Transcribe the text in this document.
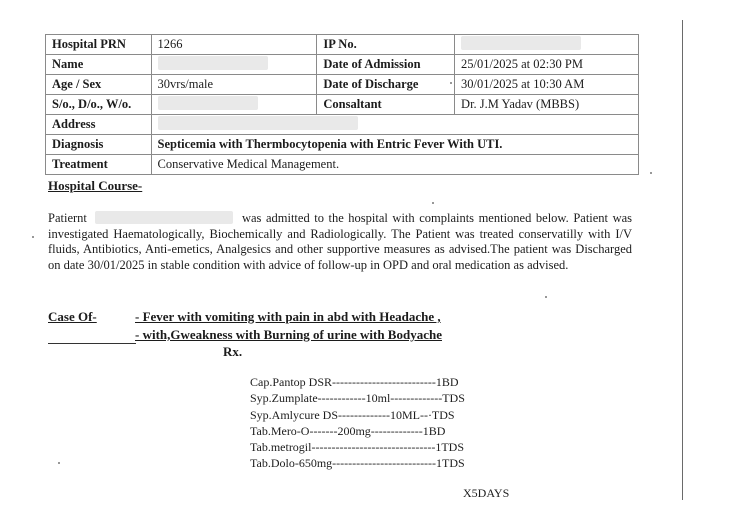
Hospital PRN	1266	IP No.	
Name		Date of Admission	25/01/2025 at 02:30 PM
Age / Sex	30vrs/male	Date of Discharge	30/01/2025 at 10:30 AM
S/o., D/o., W/o.		Consaltant	Dr. J.M Yadav (MBBS)
Address			
Diagnosis	Septicemia with Thermbocytopenia with Entric Fever With UTI.		
Treatment	Conservative Medical Management.		
Hospital Course-

Patiernt	was admitted to the hospital with complaints mentioned below. Patient was investigated Haematologically, Biochemically and Radiologically. The Patient was treated conservatilly with I/V fluids, Antibiotics, Anti-emetics, Analgesics and other supportive measures as advised.The patient was Discharged on date 30/01/2025 in stable condition with advice of follow-up in OPD and oral medication as advised.

Case Of-	- Fever with vomiting with pain in abd with Headache ,
- with,Gweakness with Burning of urine with Bodyache
Rx.
Cap.Pantop DSR--------------------------1BD
Syp.Zumplate------------10ml-------------TDS
Syp.Amlycure DS-------------10ML--·TDS
Tab.Mero-O-------200mg-------------1BD
Tab.metrogil-------------------------------1TDS
Tab.Dolo-650mg--------------------------1TDS
X5DAYS
